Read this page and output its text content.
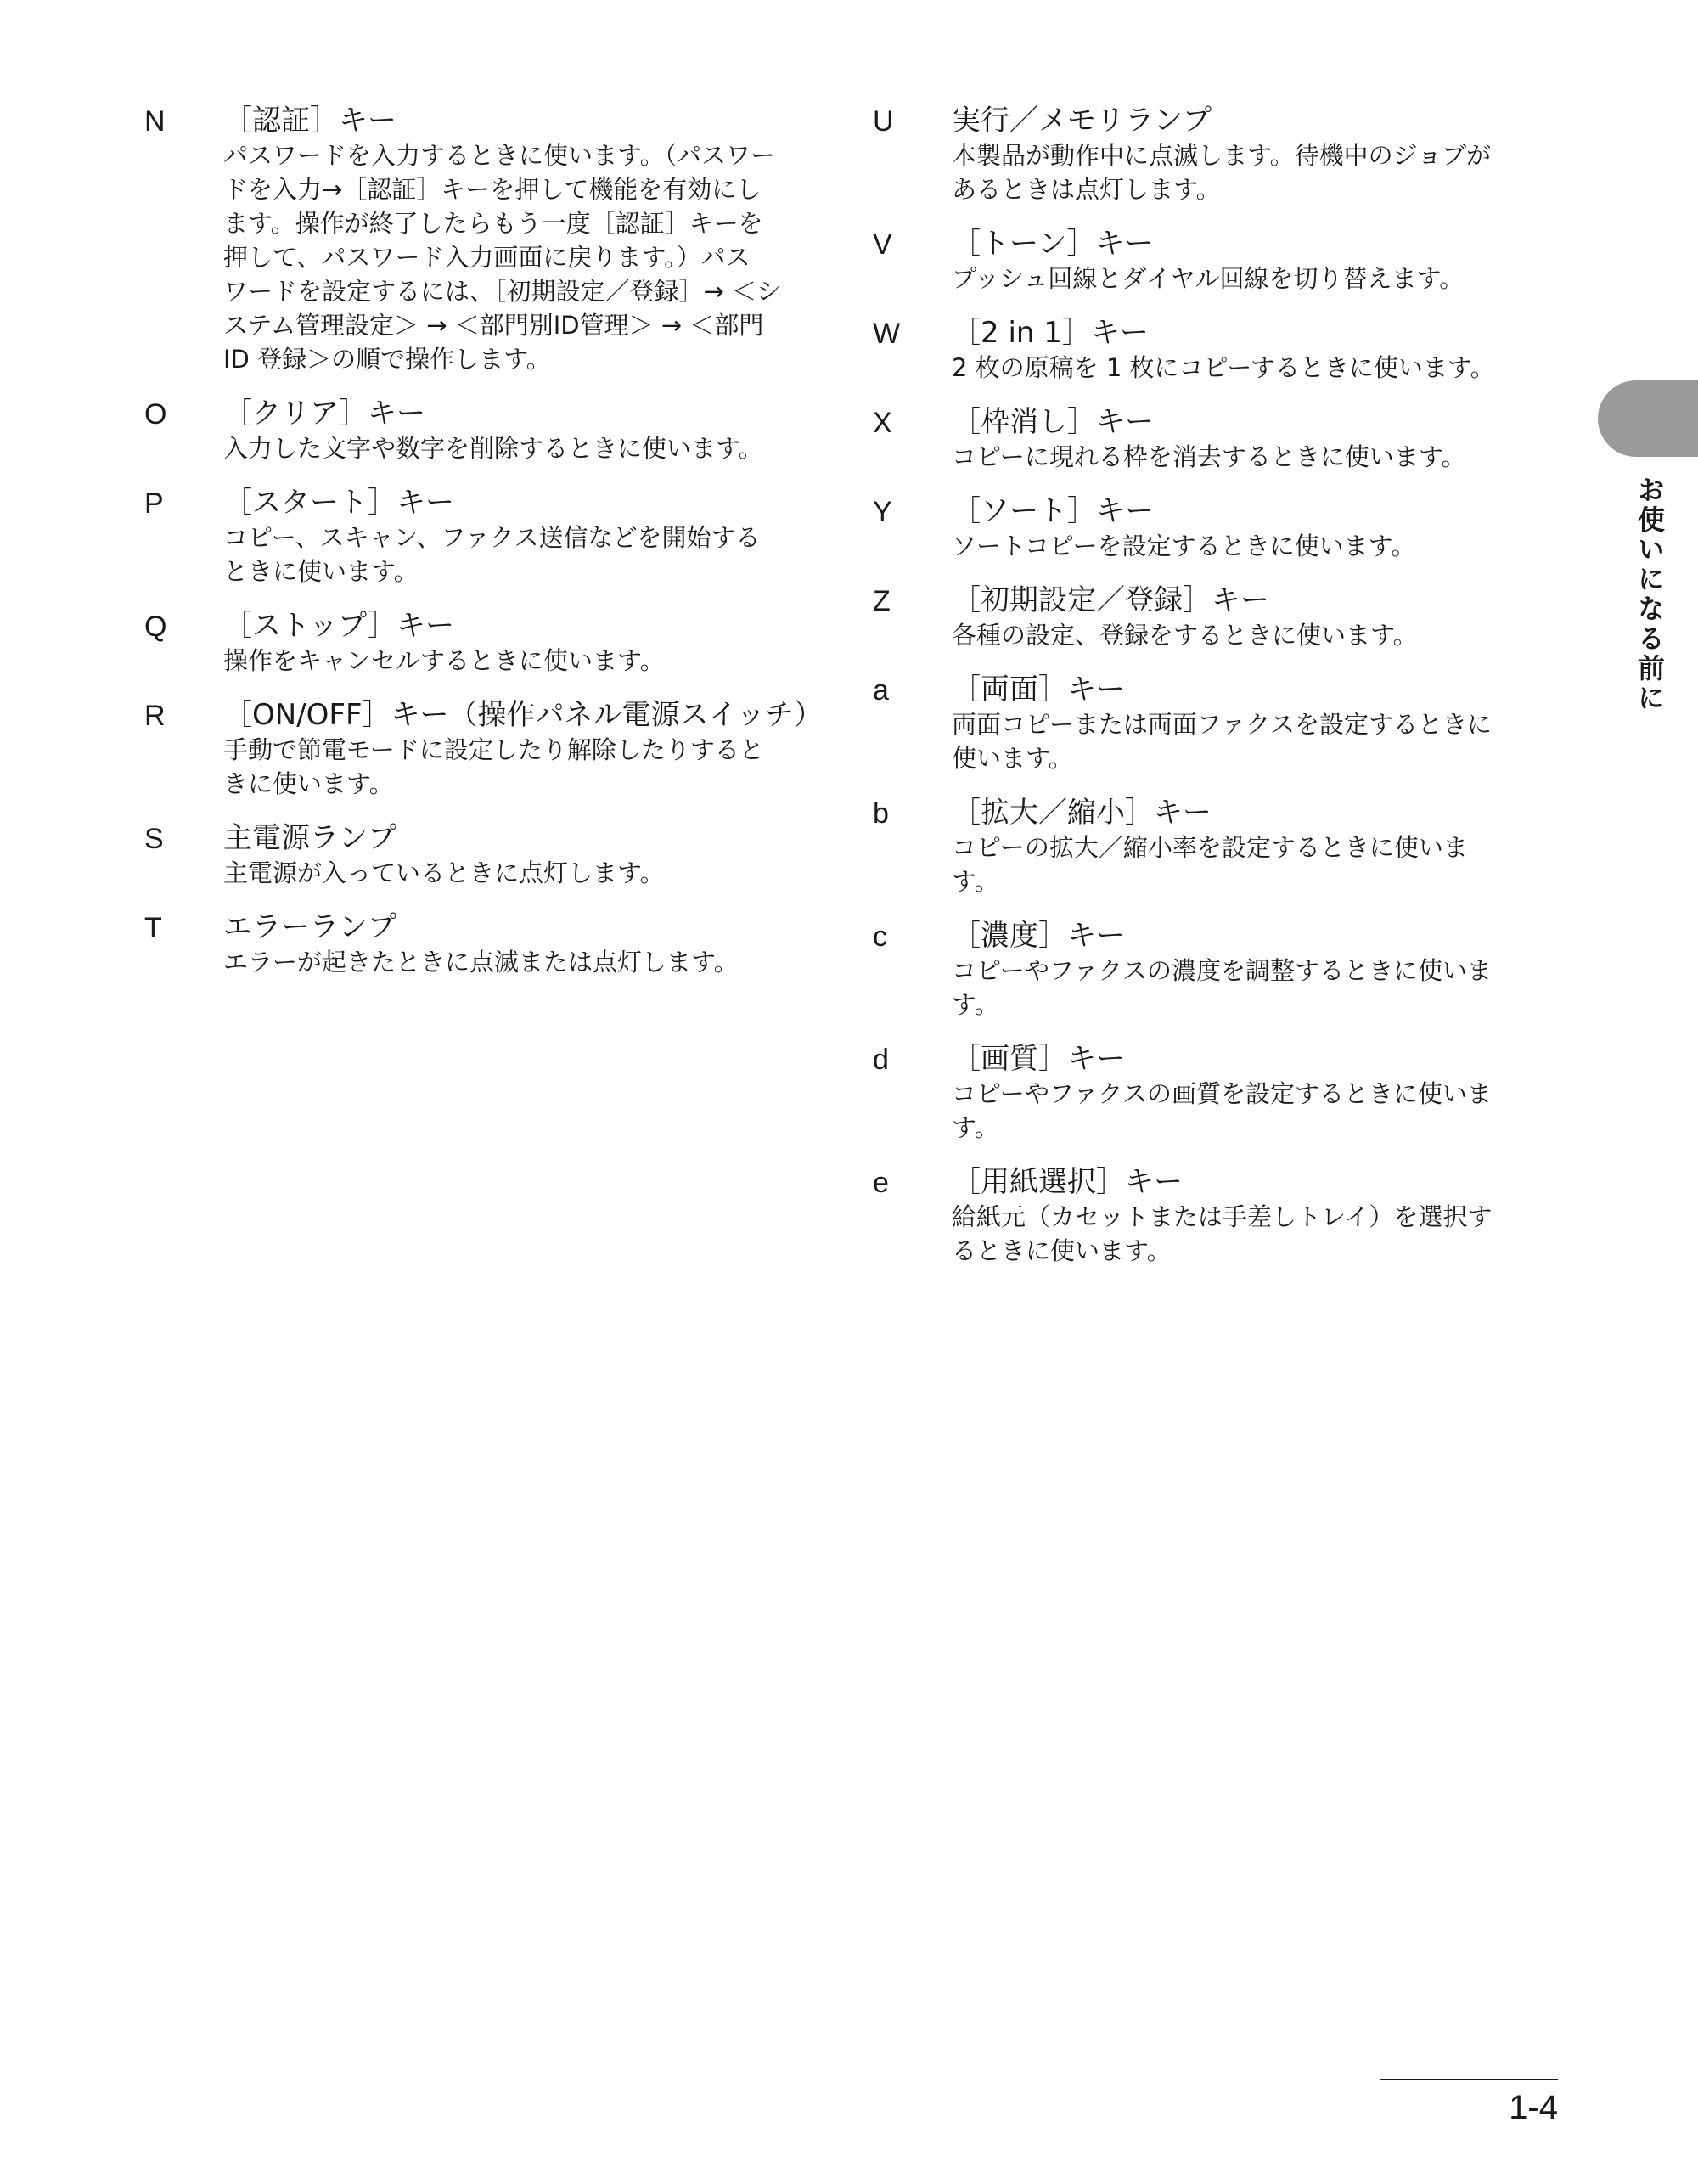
N ［認証］キー
パスワードを入力するときに使います。（パスワー
ドを入力→［認証］キーを押して機能を有効にし
ます。操作が終了したらもう一度［認証］キーを
押して、パスワード入力画面に戻ります。）パス
ワードを設定するには、［初期設定／登録］→ ＜シ
ステム管理設定＞ → ＜部門別ID管理＞ → ＜部門
ID 登録＞の順で操作します。
O ［クリア］キー
入力した文字や数字を削除するときに使います。
P ［スタート］キー
コピー、スキャン、ファクス送信などを開始する
ときに使います。
Q ［ストップ］キー
操作をキャンセルするときに使います。
R ［ON/OFF］キー（操作パネル電源スイッチ）
手動で節電モードに設定したり解除したりすると
きに使います。
S 主電源ランプ
主電源が入っているときに点灯します。
T エラーランプ
エラーが起きたときに点滅または点灯します。
U 実行／メモリランプ
本製品が動作中に点滅します。待機中のジョブが
あるときは点灯します。
V ［トーン］キー
プッシュ回線とダイヤル回線を切り替えます。
W ［2 in 1］キー
2 枚の原稿を 1 枚にコピーするときに使います。
X ［枠消し］キー
コピーに現れる枠を消去するときに使います。
Y ［ソート］キー
ソートコピーを設定するときに使います。
Z ［初期設定／登録］キー
各種の設定、登録をするときに使います。
a ［両面］キー
両面コピーまたは両面ファクスを設定するときに
使います。
b ［拡大／縮小］キー
コピーの拡大／縮小率を設定するときに使いま
す。
c ［濃度］キー
コピーやファクスの濃度を調整するときに使いま
す。
d ［画質］キー
コピーやファクスの画質を設定するときに使いま
す。
e ［用紙選択］キー
給紙元（カセットまたは手差しトレイ）を選択す
るときに使います。
お使いになる前に
1-4
